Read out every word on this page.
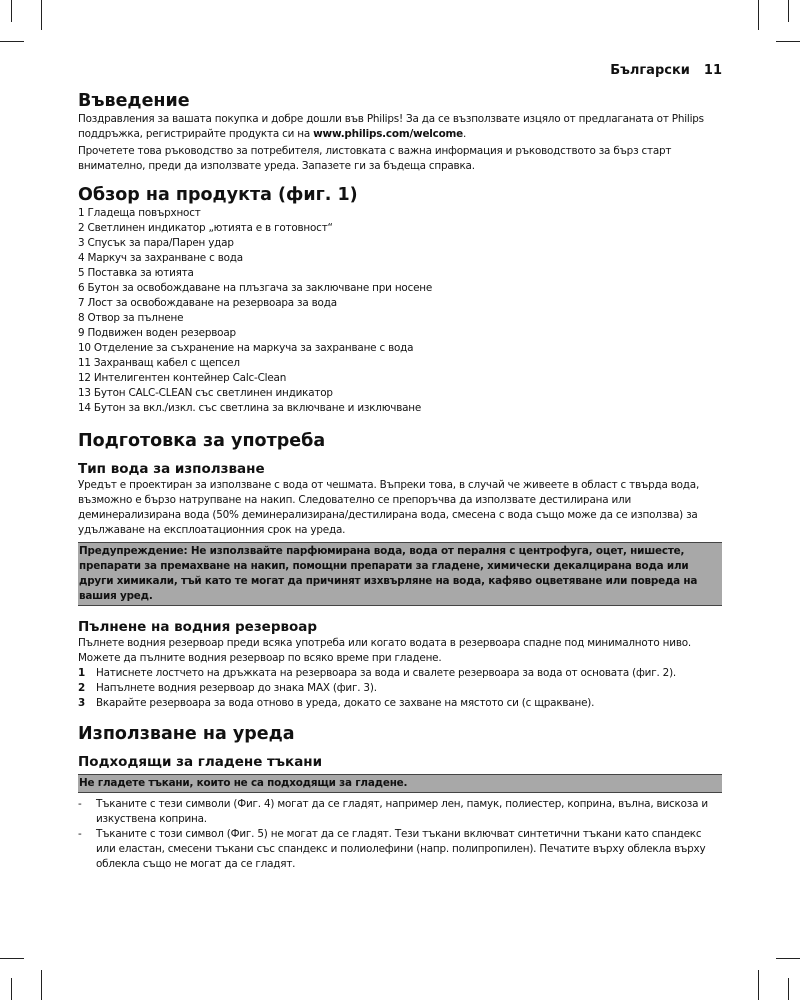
Български 11
Въведение

Поздравления за вашата покупка и добре дошли във Philips! За да се възползвате изцяло от предлаганата от Philips поддръжка, регистрирайте продукта си на www.philips.com/welcome.

Прочетете това ръководство за потребителя, листовката с важна информация и ръководството за бърз старт внимателно, преди да използвате уреда. Запазете ги за бъдеща справка.

Обзор на продукта (фиг. 1)
1 Гладеща повърхност
2 Светлинен индикатор „ютията е в готовност“
3 Спусък за пара/Парен удар
4 Маркуч за захранване с вода
5 Поставка за ютията
6 Бутон за освобождаване на плъзгача за заключване при носене
7 Лост за освобождаване на резервоара за вода
8 Отвор за пълнене
9 Подвижен воден резервоар
10 Отделение за съхранение на маркуча за захранване с вода
11 Захранващ кабел с щепсел
12 Интелигентен контейнер Calc-Clean
13 Бутон CALC-CLEAN със светлинен индикатор
14 Бутон за вкл./изкл. със светлина за включване и изключване
Подготовка за употреба
Тип вода за използване

Уредът е проектиран за използване с вода от чешмата. Въпреки това, в случай че живеете в област с твърда вода, възможно е бързо натрупване на накип. Следователно се препоръчва да използвате дестилирана или деминерализирана вода (50% деминерализирана/дестилирана вода, смесена с вода също може да се използва) за удължаване на експлоатационния срок на уреда.

Предупреждение: Не използвайте парфюмирана вода, вода от пералня с центрофуга, оцет, нишесте, препарати за премахване на накип, помощни препарати за гладене, химически декалцирана вода или други химикали, тъй като те могат да причинят изхвърляне на вода, кафяво оцветяване или повреда на вашия уред.
Пълнене на водния резервоар

Пълнете водния резервоар преди всяка употреба или когато водата в резервоара спадне под минималното ниво. Можете да пълните водния резервоар по всяко време при гладене.

1	Натиснете лостчето на дръжката на резервоара за вода и свалете резервоара за вода от основата (фиг. 2).
2	Напълнете водния резервоар до знака MAX (фиг. 3).
3	Вкарайте резервоара за вода отново в уреда, докато се захване на мястото си (с щракване).
Използване на уреда
Подходящи за гладене тъкани
Не гладете тъкани, които не са подходящи за гладене.
-	Тъканите с тези символи (Фиг. 4) могат да се гладят, например лен, памук, полиестер, коприна, вълна, вискоза и изкуствена коприна.
-	Тъканите с този символ (Фиг. 5) не могат да се гладят. Тези тъкани включват синтетични тъкани като спандекс или еластан, смесени тъкани със спандекс и полиолефини (напр. полипропилен). Печатите върху облекла върху облекла също не могат да се гладят.
